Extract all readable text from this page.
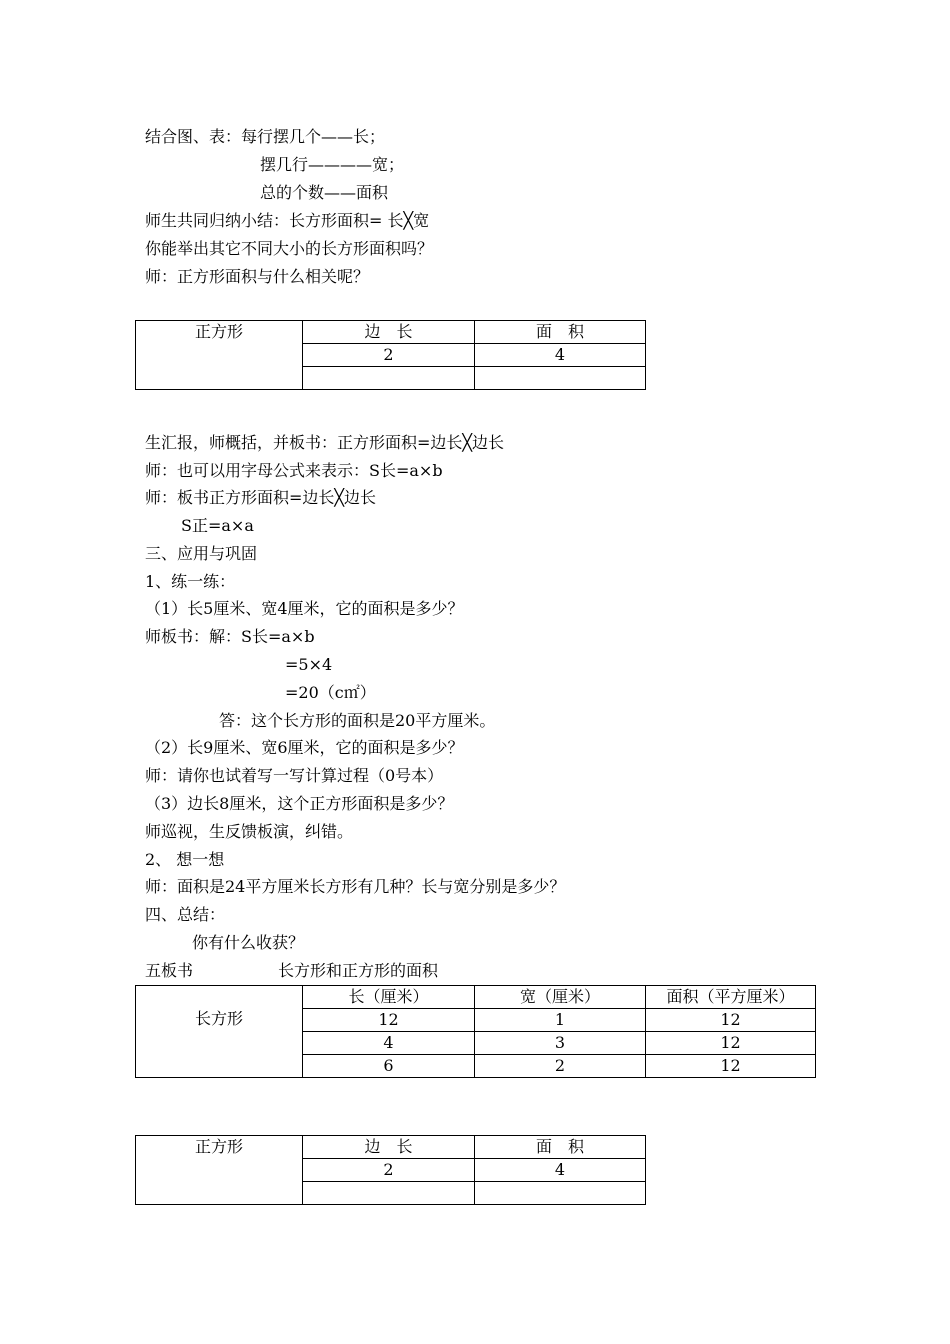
结合图、表：每行摆几个——长；
摆几行————宽；
总的个数——面积
师生共同归纳小结：长方形面积= 长╳宽
你能举出其它不同大小的长方形面积吗？
师：正方形面积与什么相关呢？
正方形	边　长	面　积
	2	4

生汇报，师概括，并板书：正方形面积=边长╳边长
师：也可以用字母公式来表示：S长=a×b
师：板书正方形面积=边长╳边长
S正=a×a
三、应用与巩固
1、练一练：
（1）长5厘米、宽4厘米，它的面积是多少？
师板书：解：S长=a×b
=5×4
=20（c㎡）
答：这个长方形的面积是20平方厘米。
（2）长9厘米、宽6厘米，它的面积是多少？
师：请你也试着写一写计算过程（0号本）
（3）边长8厘米，这个正方形面积是多少？
师巡视，生反馈板演，纠错。
2、 想一想
师：面积是24平方厘米长方形有几种？长与宽分别是多少？
四、总结：
你有什么收获？
五板书	长方形和正方形的面积
长方形	长（厘米）	宽（厘米）	面积（平方厘米）
	12	1	12
	4	3	12
	6	2	12
正方形	边　长	面　积
	2	4
